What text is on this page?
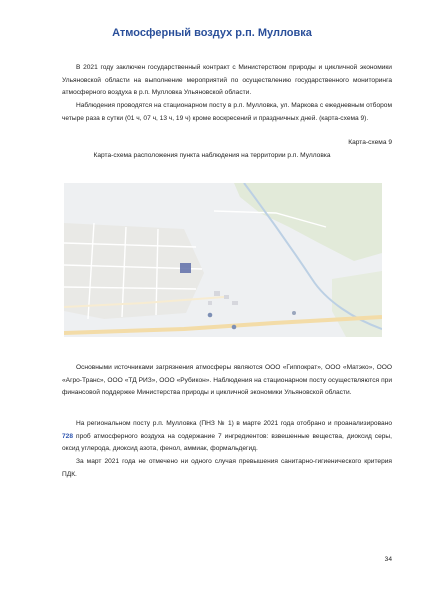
Атмосферный воздух р.п. Мулловка
В 2021 году заключен государственный контракт с Министерством природы и цикличной экономики Ульяновской области на выполнение мероприятий по осуществлению государственного мониторинга атмосферного воздуха в р.п. Мулловка Ульяновской области.
Наблюдения проводятся на стационарном посту в р.п. Мулловка, ул. Маркова с ежедневным отбором четыре раза в сутки (01 ч, 07 ч, 13 ч, 19 ч) кроме воскресений и праздничных дней. (карта-схема 9).
Карта-схема 9
Карта-схема расположения пункта наблюдения на территории р.п. Мулловка
Основными источниками загрязнения атмосферы являются ООО «Гиппократ», ООО «Матэко», ООО «Агро-Транс», ООО «ТД РИЗ», ООО «Рубикон». Наблюдения на стационарном посту осуществляются при финансовой поддержке Министерства природы и цикличной экономики Ульяновской области.
На региональном посту р.п. Мулловка (ПНЗ № 1) в марте 2021 года отобрано и проанализировано 728 проб атмосферного воздуха на содержание 7 ингредиентов: взвешенные вещества, диоксид серы, оксид углерода, диоксид азота, фенол, аммиак, формальдегид.
За март 2021 года не отмечено ни одного случая превышения санитарно-гигиенического критерия ПДК.
34
